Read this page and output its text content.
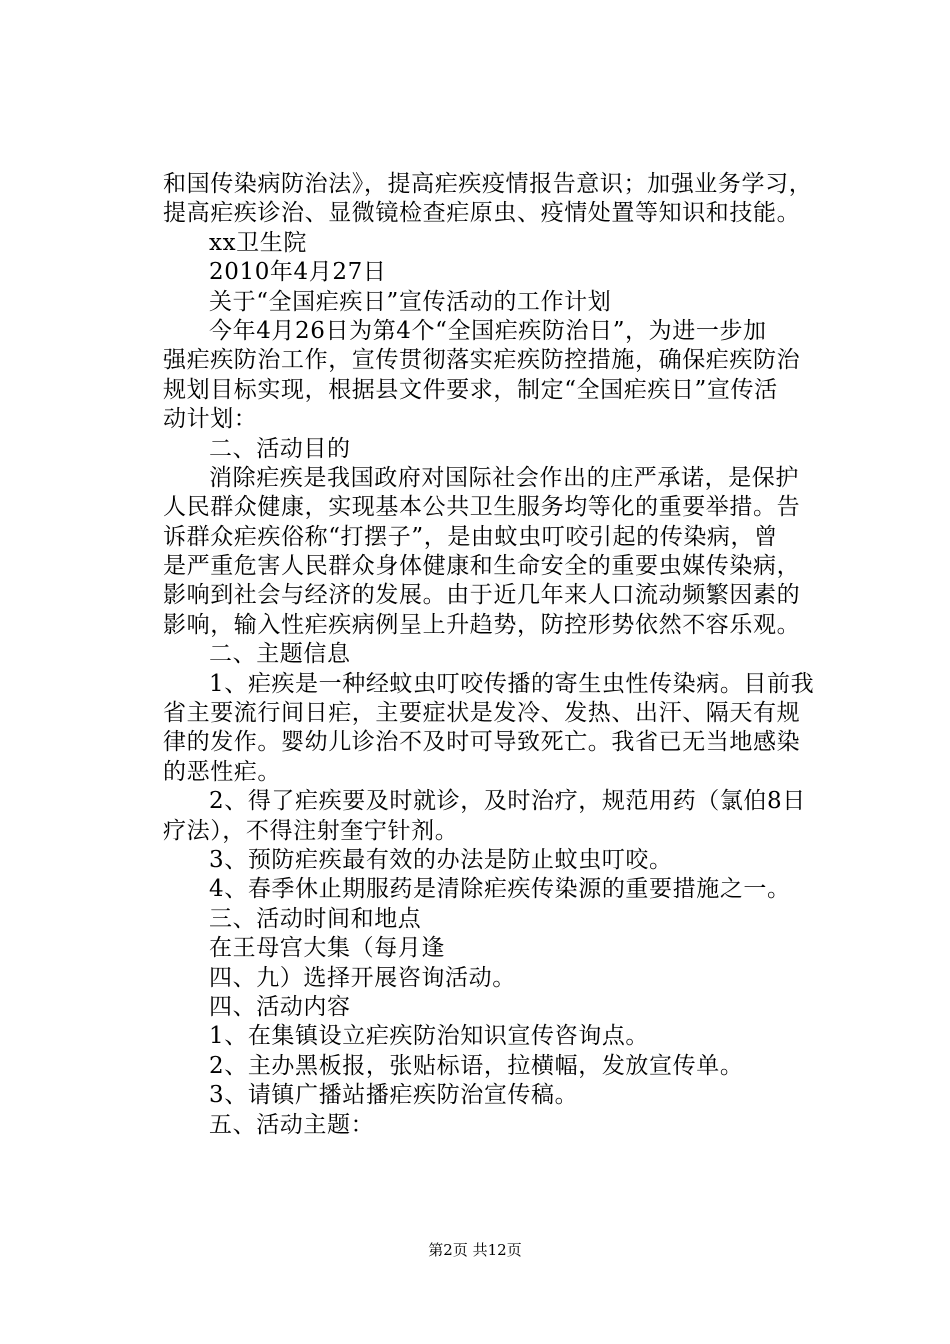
和国传染病防治法》，提高疟疾疫情报告意识；加强业务学习，
提高疟疾诊治、显微镜检查疟原虫、疫情处置等知识和技能。
xx卫生院
2010年4月27日
关于“全国疟疾日”宣传活动的工作计划
今年4月26日为第4个“全国疟疾防治日”，为进一步加
强疟疾防治工作，宣传贯彻落实疟疾防控措施，确保疟疾防治
规划目标实现，根据县文件要求，制定“全国疟疾日”宣传活
动计划：
二、活动目的
消除疟疾是我国政府对国际社会作出的庄严承诺，是保护
人民群众健康，实现基本公共卫生服务均等化的重要举措。告
诉群众疟疾俗称“打摆子”，是由蚊虫叮咬引起的传染病，曾
是严重危害人民群众身体健康和生命安全的重要虫媒传染病，
影响到社会与经济的发展。由于近几年来人口流动频繁因素的
影响，输入性疟疾病例呈上升趋势，防控形势依然不容乐观。
二、主题信息
1、疟疾是一种经蚊虫叮咬传播的寄生虫性传染病。目前我
省主要流行间日疟，主要症状是发冷、发热、出汗、隔天有规
律的发作。婴幼儿诊治不及时可导致死亡。我省已无当地感染
的恶性疟。
2、得了疟疾要及时就诊，及时治疗，规范用药（氯伯8日
疗法），不得注射奎宁针剂。
3、预防疟疾最有效的办法是防止蚊虫叮咬。
4、春季休止期服药是清除疟疾传染源的重要措施之一。
三、活动时间和地点
在王母宫大集（每月逢
四、九）选择开展咨询活动。
四、活动内容
1、在集镇设立疟疾防治知识宣传咨询点。
2、主办黑板报，张贴标语，拉横幅，发放宣传单。
3、请镇广播站播疟疾防治宣传稿。
五、活动主题：
第2页 共12页
